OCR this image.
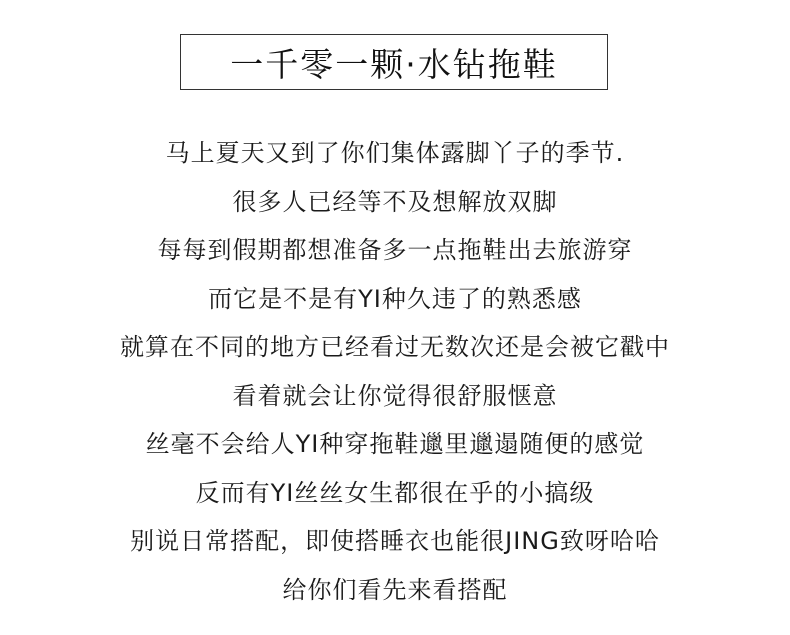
一千零一颗·水钻拖鞋
马上夏天又到了你们集体露脚丫子的季节.
很多人已经等不及想解放双脚
每每到假期都想准备多一点拖鞋出去旅游穿
而它是不是有YI种久违了的熟悉感
就算在不同的地方已经看过无数次还是会被它戳中
看着就会让你觉得很舒服惬意
丝毫不会给人YI种穿拖鞋邋里邋遢随便的感觉
反而有YI丝丝女生都很在乎的小搞级
别说日常搭配，即使搭睡衣也能很JING致呀哈哈
给你们看先来看搭配
